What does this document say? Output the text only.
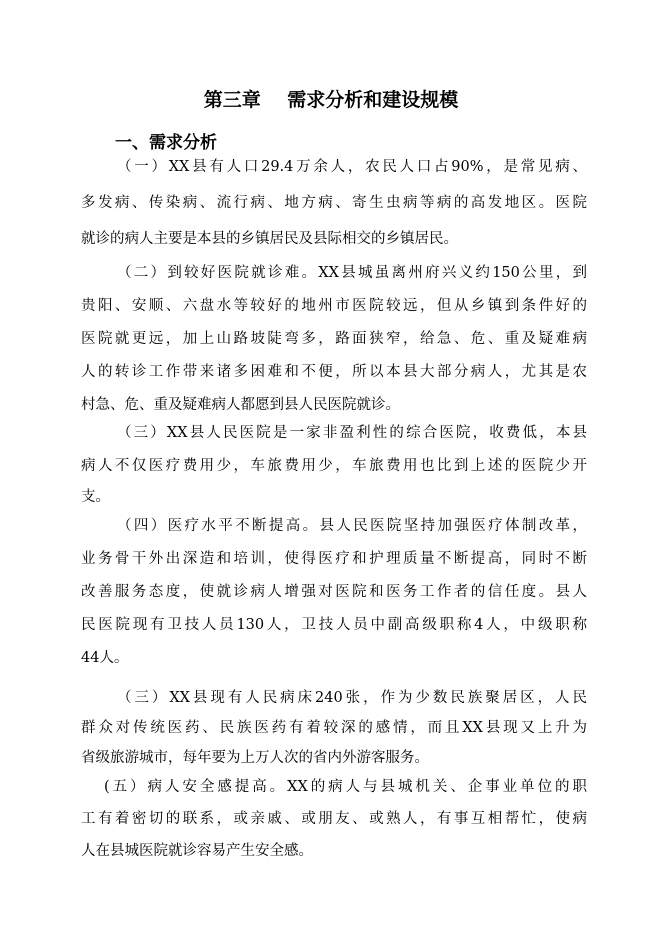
第三章    需求分析和建设规模
一、需求分析
（一）XX县有人口29.4万余人，农民人口占90%，是常见病、
多发病、传染病、流行病、地方病、寄生虫病等病的高发地区。医院
就诊的病人主要是本县的乡镇居民及县际相交的乡镇居民。
（二）到较好医院就诊难。XX县城虽离州府兴义约150公里，到
贵阳、安顺、六盘水等较好的地州市医院较远，但从乡镇到条件好的
医院就更远，加上山路坡陡弯多，路面狭窄，给急、危、重及疑难病
人的转诊工作带来诸多困难和不便，所以本县大部分病人，尤其是农
村急、危、重及疑难病人都愿到县人民医院就诊。
（三）XX县人民医院是一家非盈利性的综合医院，收费低，本县
病人不仅医疗费用少，车旅费用少，车旅费用也比到上述的医院少开
支。
（四）医疗水平不断提高。县人民医院坚持加强医疗体制改革，
业务骨干外出深造和培训，使得医疗和护理质量不断提高，同时不断
改善服务态度，使就诊病人增强对医院和医务工作者的信任度。县人
民医院现有卫技人员130人，卫技人员中副高级职称4人，中级职称
44人。
（三）XX县现有人民病床240张，作为少数民族聚居区，人民
群众对传统医药、民族医药有着较深的感情，而且XX县现又上升为
省级旅游城市，每年要为上万人次的省内外游客服务。
(五）病人安全感提高。XX的病人与县城机关、企事业单位的职
工有着密切的联系，或亲戚、或朋友、或熟人，有事互相帮忙，使病
人在县城医院就诊容易产生安全感。
